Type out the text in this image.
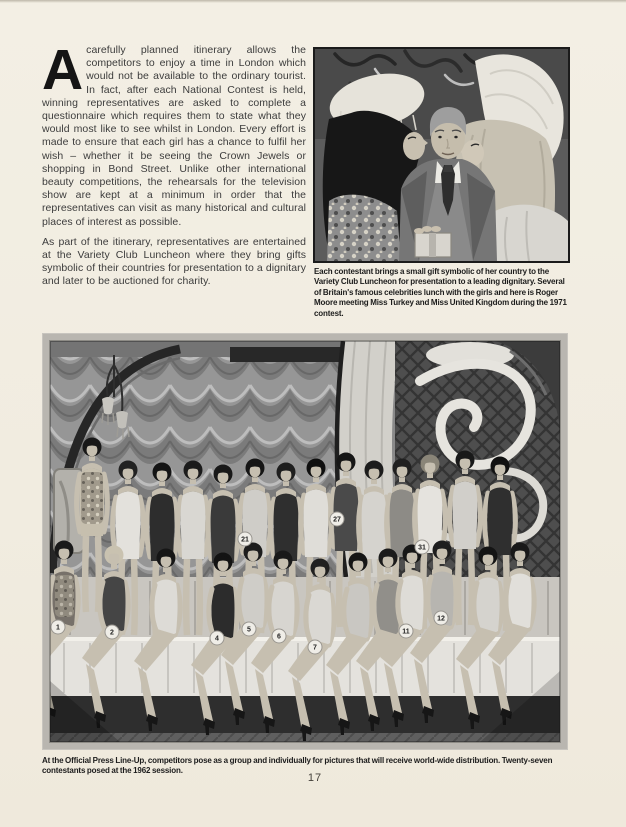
Acarefully planned itinerary allows the competitors to enjoy a time in London which would not be available to the ordinary tourist. In fact, after each National Contest is held, winning representatives are asked to complete a questionnaire which requires them to state what they would most like to see whilst in London. Every effort is made to ensure that each girl has a chance to fulfil her wish – whether it be seeing the Crown Jewels or shopping in Bond Street. Unlike other international beauty competitions, the rehearsals for the television show are kept at a minimum in order that the representatives can visit as many historical and cultural places of interest as possible.

As part of the itinerary, representatives are entertained at the Variety Club Luncheon where they bring gifts symbolic of their countries for presentation to a dignitary and later to be auctioned for charity.

Each contestant brings a small gift symbolic of her country to the Variety Club Luncheon for presentation to a leading dignitary. Several of Britain's famous celebrities lunch with the girls and here is Roger Moore meeting Miss Turkey and Miss United Kingdom during the 1971 contest.
1
2
4
5
6
7
11
12
21
27
31
At the Official Press Line-Up, competitors pose as a group and individually for pictures that will receive world-wide distribution. Twenty-seven contestants posed at the 1962 session.
17
